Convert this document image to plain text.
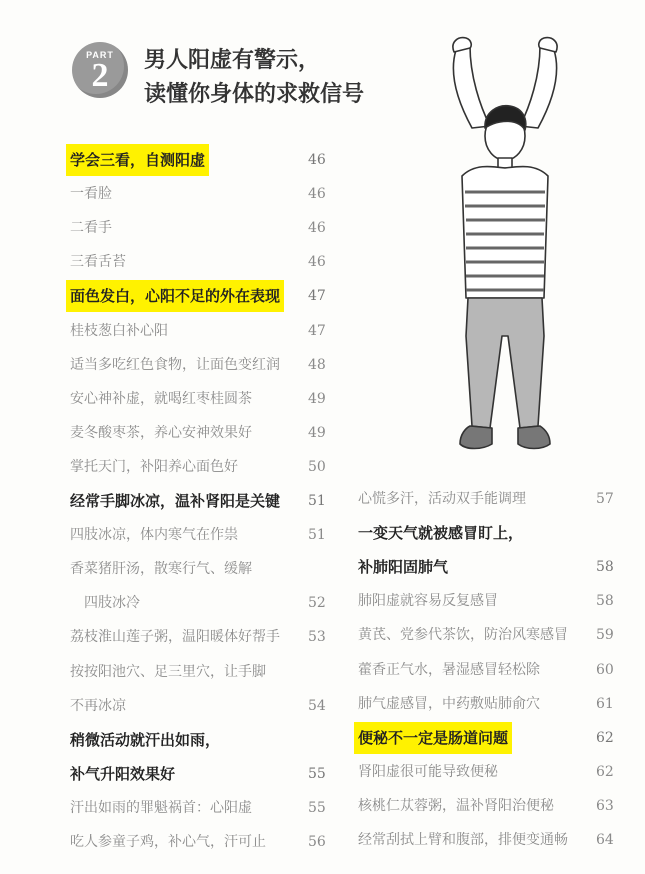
PART
2	男人阳虚有警示，
读懂你身体的求救信号
学会三看，自测阳虚	46
一看脸	46
二看手	46
三看舌苔	46
面色发白，心阳不足的外在表现 47
桂枝葱白补心阳	47
适当多吃红色食物，让面色变红润 48
安心神补虚，就喝红枣桂圆茶	49
麦冬酸枣茶，养心安神效果好	49
掌托天门，补阳养心面色好	50
经常手脚冰凉，温补肾阳是关键 51
四肢冰凉，体内寒气在作祟	51
香菜猪肝汤，散寒行气、缓解
四肢冰冷	52
荔枝淮山莲子粥，温阳暖体好帮手 53
按按阳池穴、足三里穴，让手脚
不再冰凉	54
稍微活动就汗出如雨，
补气升阳效果好	55
汗出如雨的罪魁祸首：心阳虚	55
吃人参童子鸡，补心气，汗可止	56
心慌多汗，活动双手能调理	57
一变天气就被感冒盯上，
补肺阳固肺气	58
肺阳虚就容易反复感冒	58
黄芪、党参代茶饮，防治风寒感冒 59
藿香正气水，暑湿感冒轻松除	60
肺气虚感冒，中药敷贴肺俞穴	61
便秘不一定是肠道问题	62
肾阳虚很可能导致便秘	62
核桃仁苁蓉粥，温补肾阳治便秘	63
经常刮拭上臂和腹部，排便变通畅 64
